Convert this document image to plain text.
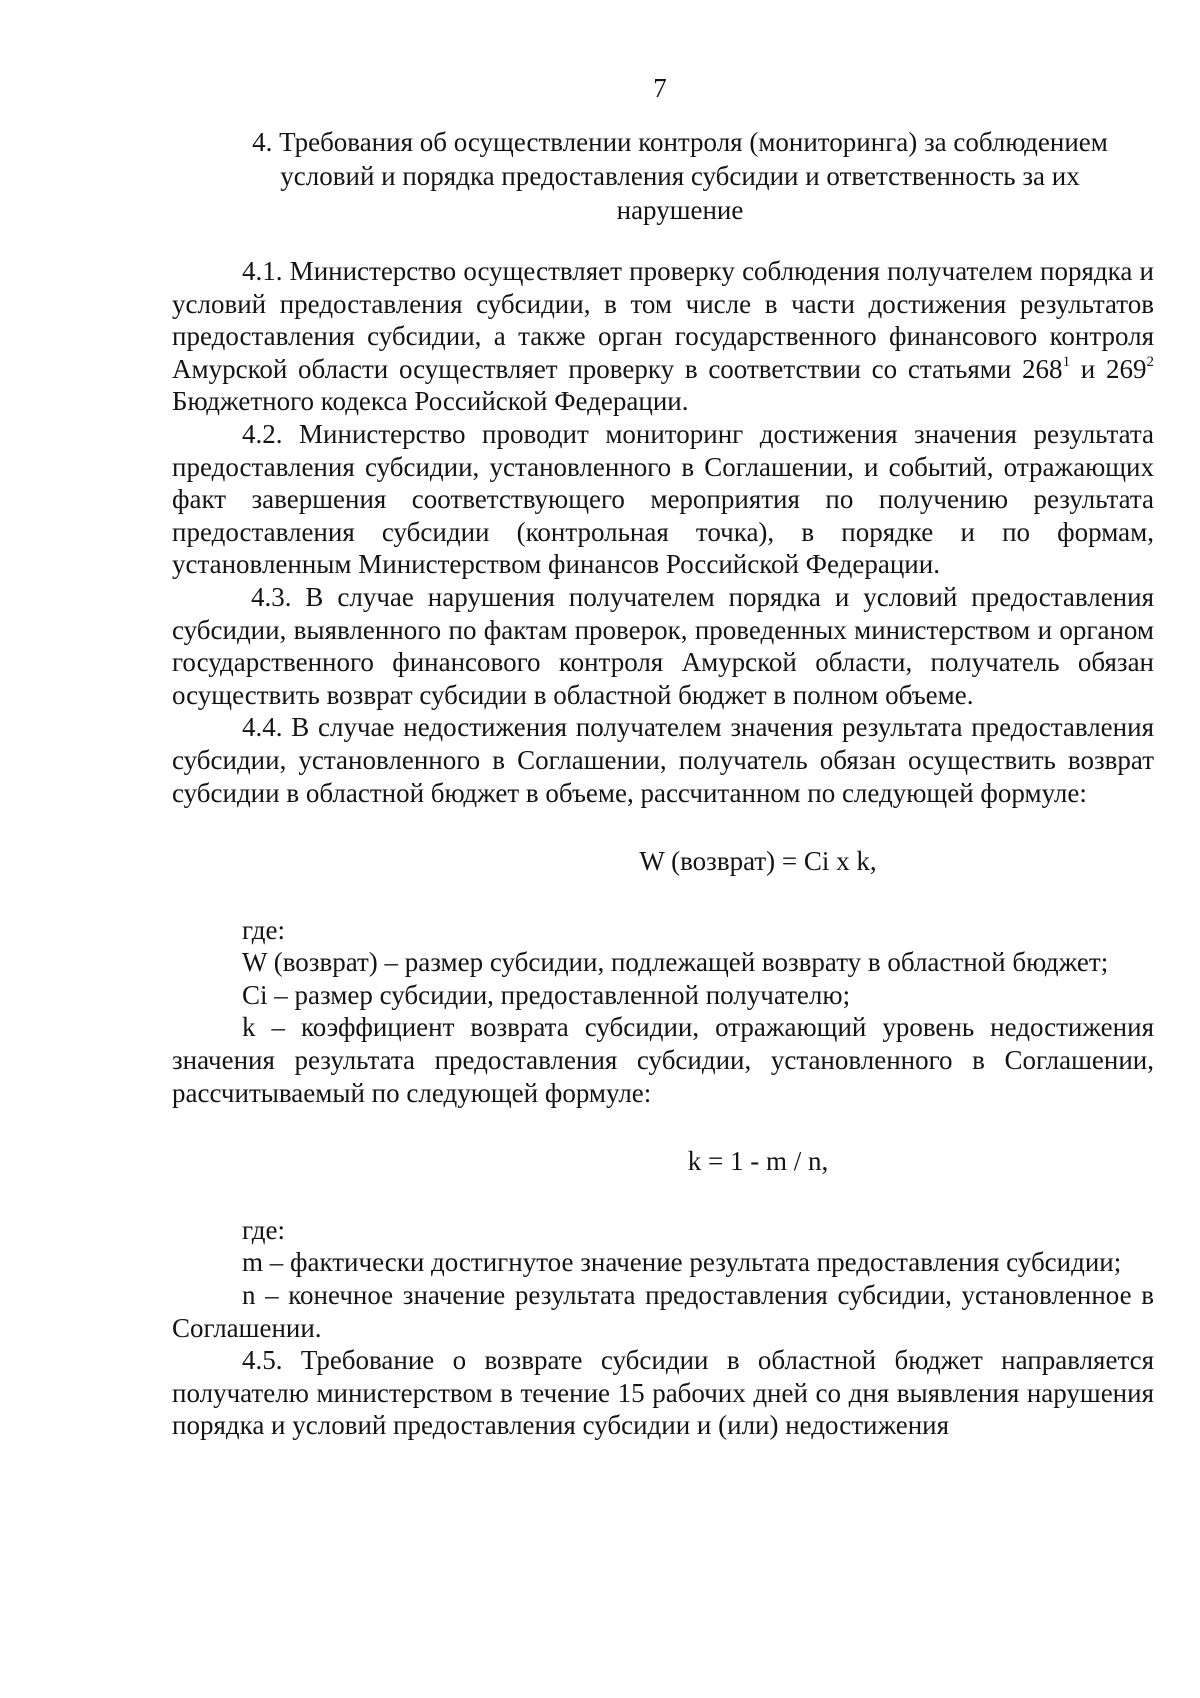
7
4. Требования об осуществлении контроля (мониторинга) за соблюдением
условий и порядка предоставления субсидии и ответственность за их
нарушение

4.1. Министерство осуществляет проверку соблюдения получателем порядка и условий предоставления субсидии, в том числе в части достижения результатов предоставления субсидии, а также орган государственного финансового контроля Амурской области осуществляет проверку в соответствии со статьями $268^1$ и $269^2$ Бюджетного кодекса Российской Федерации.

4.2. Министерство проводит мониторинг достижения значения результата предоставления субсидии, установленного в Соглашении, и событий, отражающих факт завершения соответствующего мероприятия по получению результата предоставления субсидии (контрольная точка), в порядке и по формам, установленным Министерством финансов Российской Федерации.

4.3. В случае нарушения получателем порядка и условий предоставления субсидии, выявленного по фактам проверок, проведенных министерством и органом государственного финансового контроля Амурской области, получатель обязан осуществить возврат субсидии в областной бюджет в полном объеме.

4.4. В случае недостижения получателем значения результата предоставления субсидии, установленного в Соглашении, получатель обязан осуществить возврат субсидии в областной бюджет в объеме, рассчитанном по следующей формуле:

W (возврат) = Ci x k,

где:

W (возврат) – размер субсидии, подлежащей возврату в областной бюджет;

Ci – размер субсидии, предоставленной получателю;

k – коэффициент возврата субсидии, отражающий уровень недостижения значения результата предоставления субсидии, установленного в Соглашении, рассчитываемый по следующей формуле:

k = 1 - m / n,

где:

m – фактически достигнутое значение результата предоставления субсидии;

n – конечное значение результата предоставления субсидии, установленное в Соглашении.

4.5. Требование о возврате субсидии в областной бюджет направляется получателю министерством в течение 15 рабочих дней со дня выявления нарушения порядка и условий предоставления субсидии и (или) недостижения
